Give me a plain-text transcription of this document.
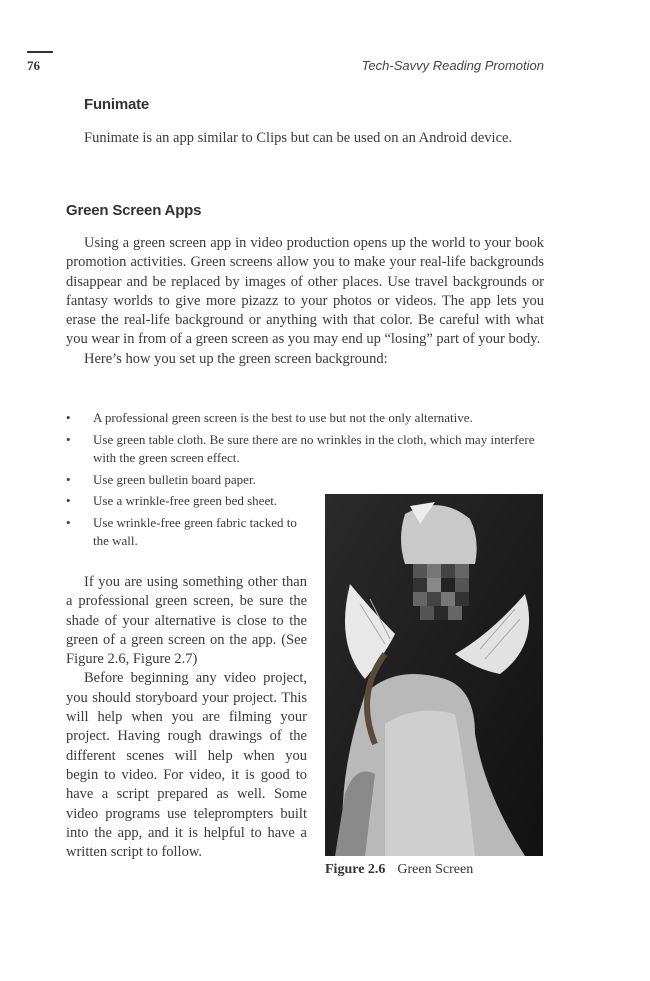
76	Tech-Savvy Reading Promotion
Funimate

Funimate is an app similar to Clips but can be used on an Android device.

Green Screen Apps

Using a green screen app in video production opens up the world to your book promotion activities. Green screens allow you to make your real-life backgrounds disappear and be replaced by images of other places. Use travel backgrounds or fantasy worlds to give more pizazz to your photos or videos. The app lets you erase the real-life background or anything with that color. Be careful with what you wear in from of a green screen as you may end up “losing” part of your body.

Here’s how you set up the green screen background:

• A professional green screen is the best to use but not the only alternative.
• Use green table cloth. Be sure there are no wrinkles in the cloth, which may interfere with the green screen effect.
• Use green bulletin board paper.
• Use a wrinkle-free green bed sheet.
• Use wrinkle-free green fabric tacked to the wall.

If you are using something other than a professional green screen, be sure the shade of your alternative is close to the green of a green screen on the app. (See Figure 2.6, Figure 2.7)

Before beginning any video project, you should storyboard your project. This will help when you are filming your project. Having rough drawings of the different scenes will help when you begin to video. For video, it is good to have a script prepared as well. Some video programs use teleprompters built into the app, and it is helpful to have a written script to follow.

Figure 2.6 Green Screen
